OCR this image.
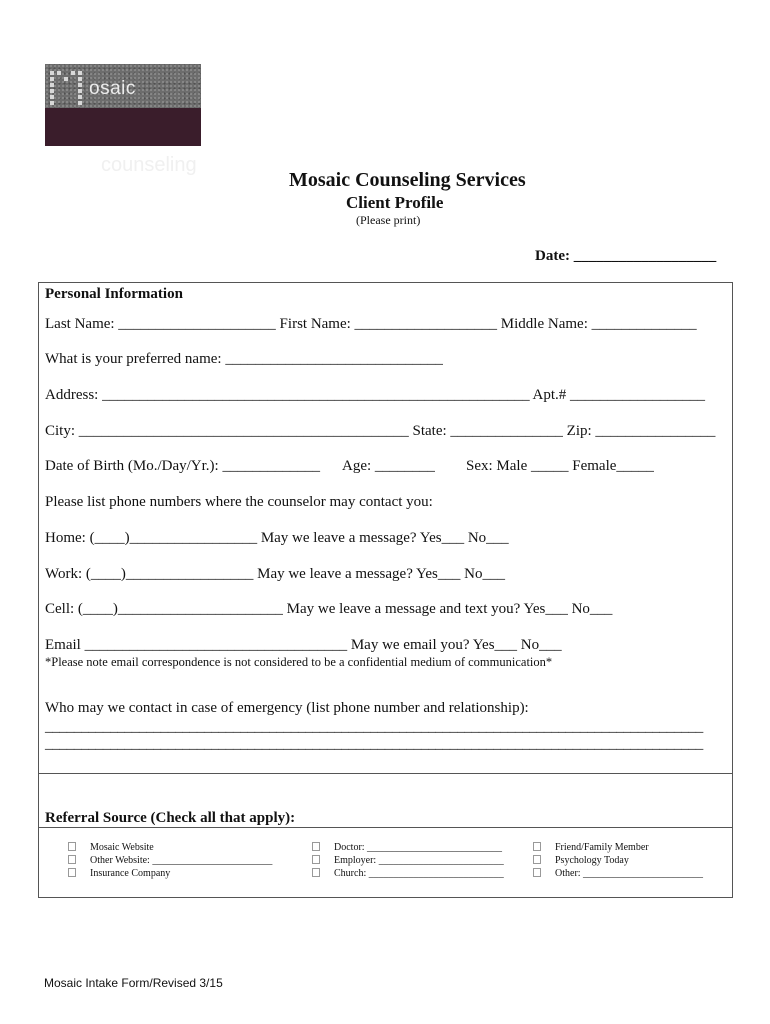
osaic
counseling
Mosaic Counseling Services
Client Profile
(Please print)
Date: ___________________
Personal Information
Last Name: _____________________ First Name: ___________________ Middle Name: ______________
What is your preferred name: _____________________________
Address: _________________________________________________________ Apt.# __________________
City: ____________________________________________ State: _______________ Zip: ________________
Date of Birth (Mo./Day/Yr.): _____________ Age: ________ Sex: Male _____ Female_____
Please list phone numbers where the counselor may contact you:
Home: (____)_________________ May we leave a message? Yes___ No___
Work: (____)_________________ May we leave a message? Yes___ No___
Cell: (____)______________________ May we leave a message and text you? Yes___ No___
Email ___________________________________ May we email you? Yes___ No___
*Please note email correspondence is not considered to be a confidential medium of communication*
Who may we contact in case of emergency (list phone number and relationship):
___________________________________________________________________________________________
___________________________________________________________________________________________
Referral Source (Check all that apply):
Mosaic Website
Other Website: ________________________
Insurance Company
Doctor: ___________________________
Employer: _________________________
Church: ___________________________
Friend/Family Member
Psychology Today
Other: ________________________
Mosaic Intake Form/Revised 3/15
